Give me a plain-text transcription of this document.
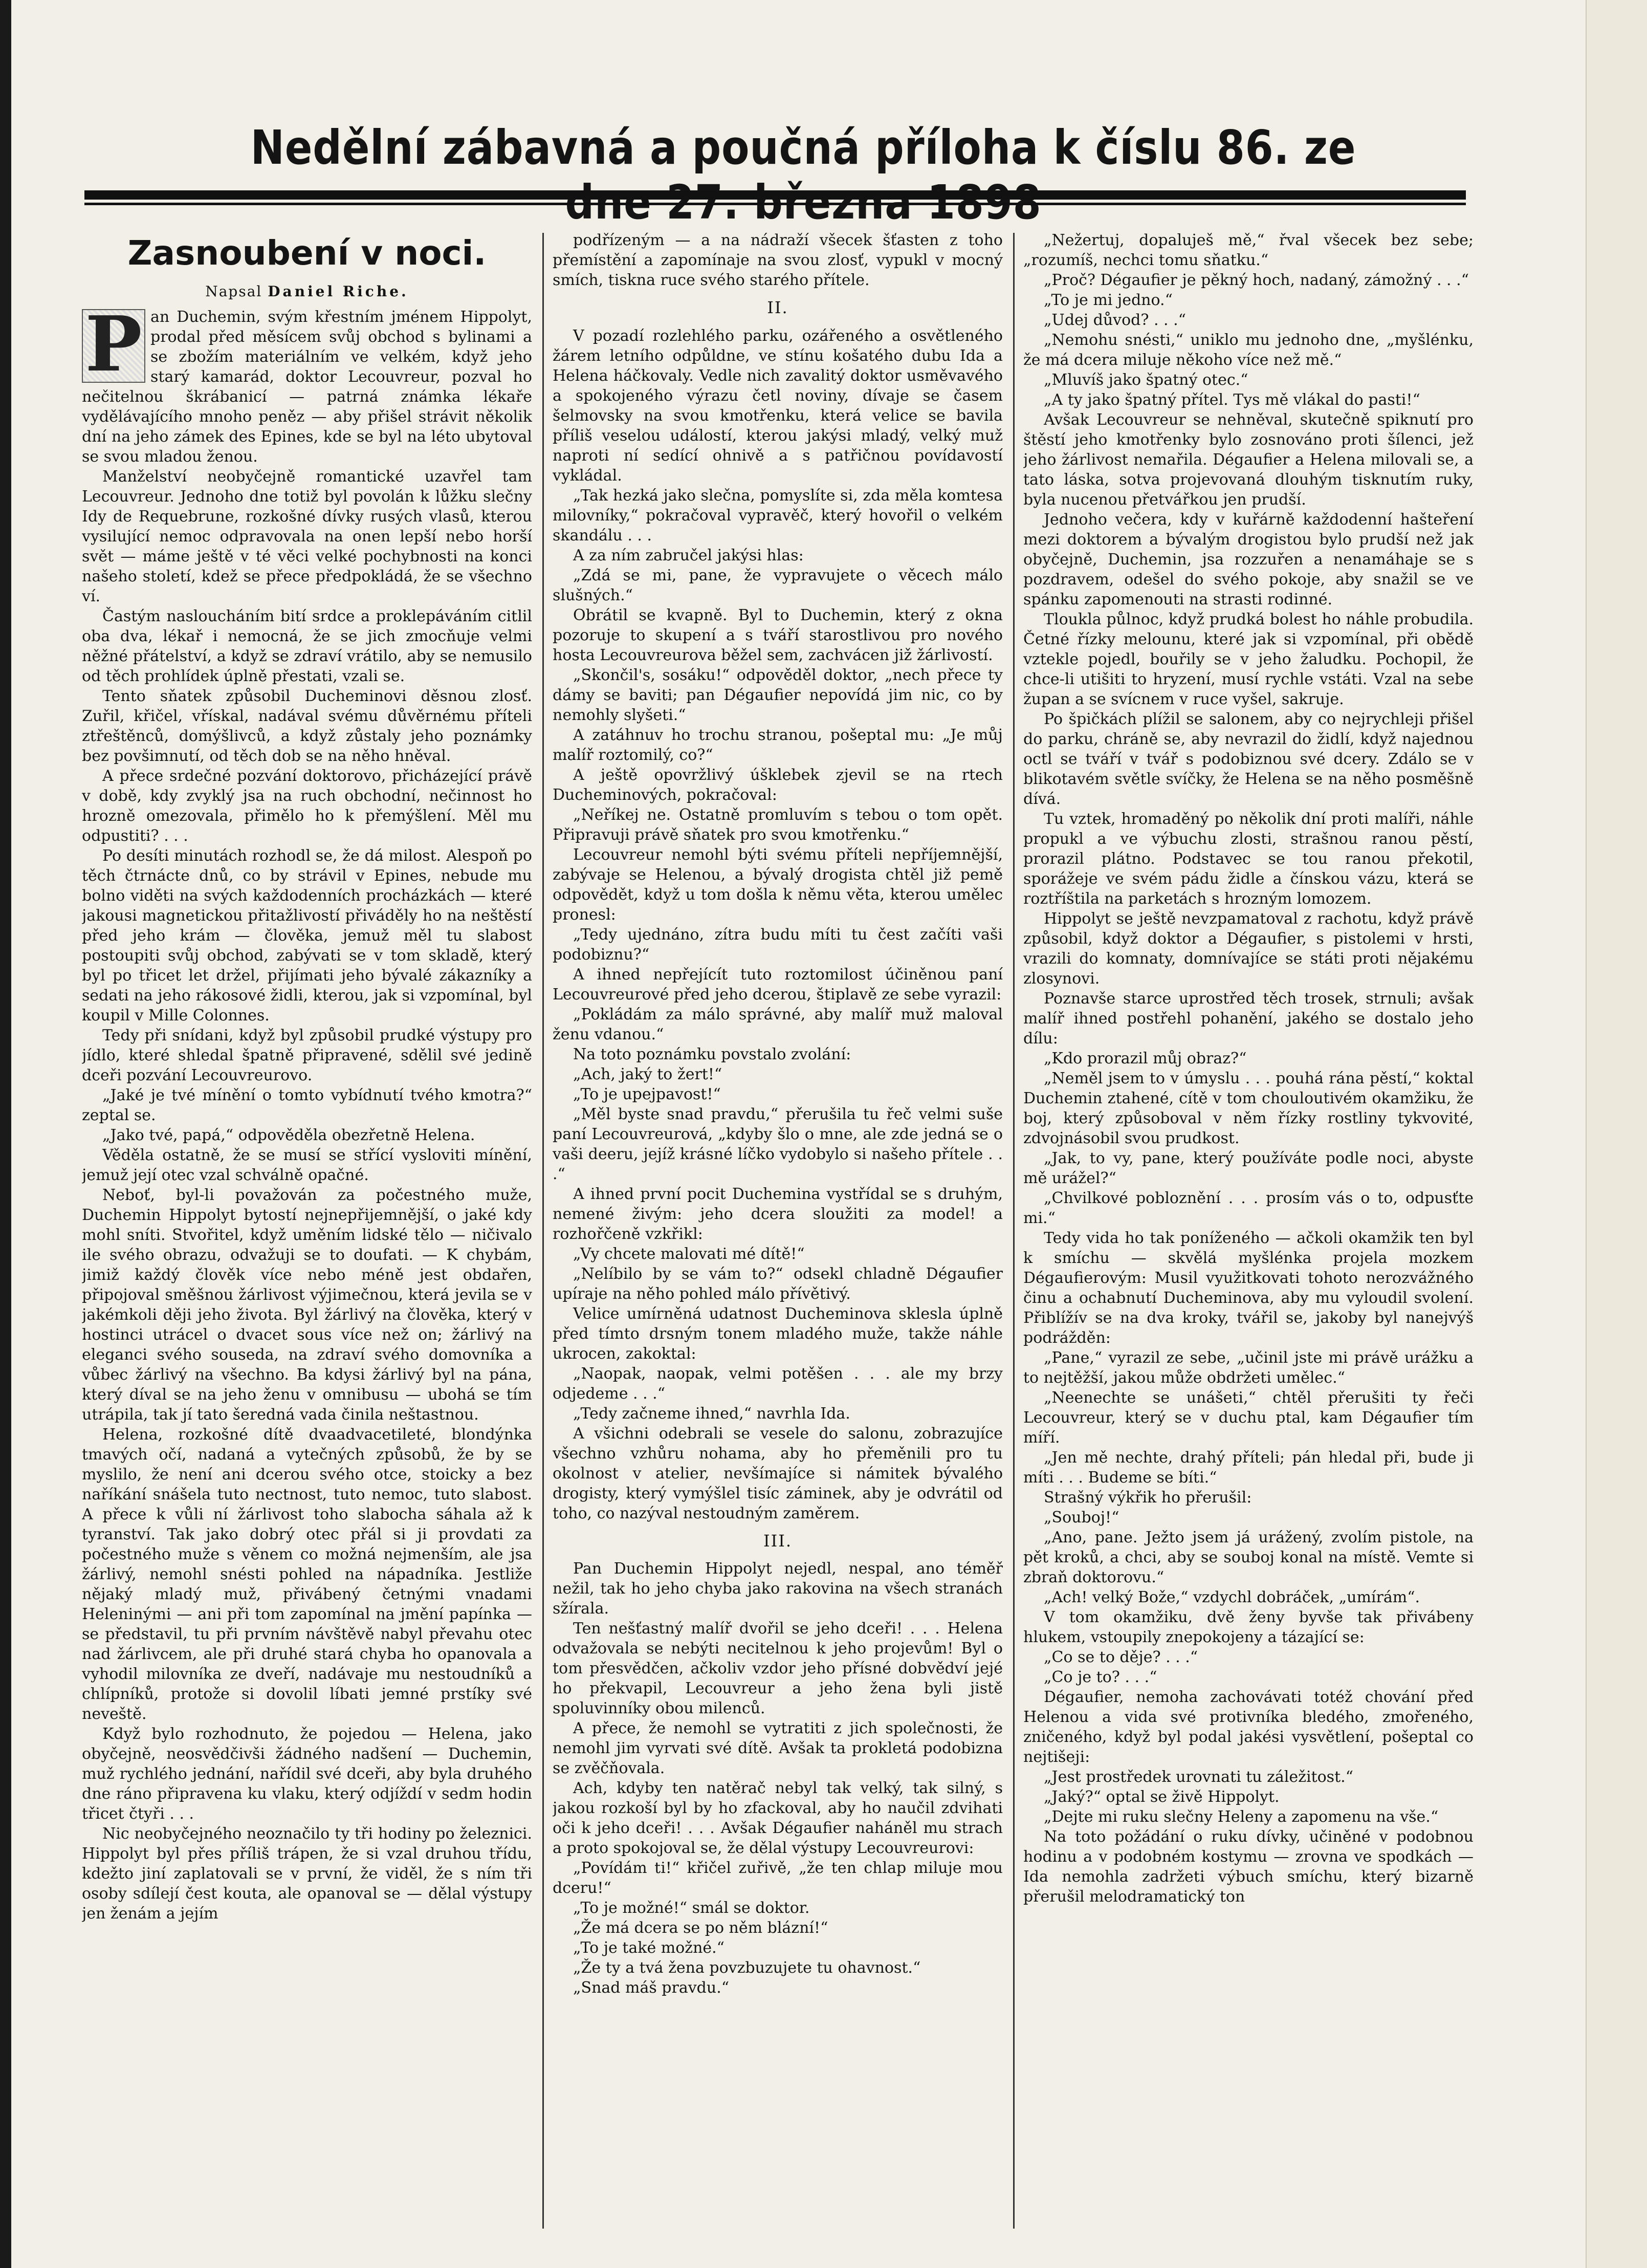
Nedělní zábavná a poučná příloha k číslu 86. ze
Zasnoubení v noci.
Napsal Daniel Riche.
P an Duchemin, svým křestním jménem Hippolyt, prodal před měsícem svůj obchod s bylinami a se zbožím materiálním ve velkém, když jeho starý kamarád, doktor Lecouvreur, pozval ho nečitelnou škrábanicí — patrná známka lékaře vydělávajícího mnoho peněz — aby přišel strávit několik dní na jeho zámek des Epines, kde se byl na léto ubytoval se svou mladou ženou.

Manželství neobyčejně romantické uzavřel tam Lecouvreur. Jednoho dne totiž byl povolán k lůžku slečny Idy de Requebrune, rozkošné dívky rusých vlasů, kterou vysilující nemoc odpravovala na onen lepší nebo horší svět — máme ještě v té věci velké pochybnosti na konci našeho století, kdež se přece předpokládá, že se všechno ví.

Častým nasloucháním bití srdce a proklepáváním citlil oba dva, lékař i nemocná, že se jich zmocňuje velmi něžné přátelství, a když se zdraví vrátilo, aby se nemusilo od těch prohlídek úplně přestati, vzali se.

Tento sňatek způsobil Ducheminovi děsnou zlosť. Zuřil, křičel, vřískal, nadával svému důvěrnému příteli ztřeštěnců, domýšlivců, a když zůstaly jeho poznámky bez povšimnutí, od těch dob se na něho hněval.

A přece srdečné pozvání doktorovo, přicházející právě v době, kdy zvyklý jsa na ruch obchodní, nečinnost ho hrozně omezovala, přimělo ho k přemýšlení. Měl mu odpustiti? . . .

Po desíti minutách rozhodl se, že dá milost. Alespoň po těch čtrnácte dnů, co by strávil v Epines, nebude mu bolno viděti na svých každodenních procházkách — které jakousi magnetickou přitažlivostí přiváděly ho na neštěstí před jeho krám — člověka, jemuž měl tu slabost postoupiti svůj obchod, zabývati se v tom skladě, který byl po třicet let držel, přijímati jeho bývalé zákazníky a sedati na jeho rákosové židli, kterou, jak si vzpomínal, byl koupil v Mille Colonnes.

Tedy při snídani, když byl způsobil prudké výstupy pro jídlo, které shledal špatně připravené, sdělil své jedině dceři pozvání Lecouvreurovo.

„Jaké je tvé mínění o tomto vybídnutí tvého kmotra?“ zeptal se.

„Jako tvé, papá,“ odpověděla obezřetně Helena.

Věděla ostatně, že se musí se střící vysloviti mínění, jemuž její otec vzal schválně opačné.

Neboť, byl-li považován za počestného muže, Duchemin Hippolyt bytostí nejnepřijemnější, o jaké kdy mohl sníti. Stvořitel, když uměním lidské tělo — ničivalo ile svého obrazu, odvažuji se to doufati. — K chybám, jimiž každý člověk více nebo méně jest obdařen, připojoval směšnou žárlivost výjimečnou, která jevila se v jakémkoli ději jeho života. Byl žárlivý na člověka, který v hostinci utrácel o dvacet sous více než on; žárlivý na eleganci svého souseda, na zdraví svého domovníka a vůbec žárlivý na všechno. Ba kdysi žárlivý byl na pána, který díval se na jeho ženu v omnibusu — ubohá se tím utrápila, tak jí tato šeredná vada činila neštastnou.

Helena, rozkošné dítě dvaadvacetileté, blondýnka tmavých očí, nadaná a vytečných způsobů, že by se myslilo, že není ani dcerou svého otce, stoicky a bez naříkání snášela tuto nectnost, tuto nemoc, tuto slabost. A přece k vůli ní žárlivost toho slabocha sáhala až k tyranství. Tak jako dobrý otec přál si ji provdati za počestného muže s věnem co možná nejmenším, ale jsa žárlivý, nemohl snésti pohled na nápadníka. Jestliže nějaký mladý muž, přivábený četnými vnadami Heleninými — ani při tom zapomínal na jmění papínka — se představil, tu při prvním návštěvě nabyl převahu otec nad žárlivcem, ale při druhé stará chyba ho opanovala a vyhodil milovníka ze dveří, nadávaje mu nestoudníků a chlípníků, protože si dovolil líbati jemné prstíky své neveště.

Když bylo rozhodnuto, že pojedou — Helena, jako obyčejně, neosvědčivši žádného nadšení — Duchemin, muž rychlého jednání, nařídil své dceři, aby byla druhého dne ráno připravena ku vlaku, který odjíždí v sedm hodin třicet čtyři . . .

Nic neobyčejného neoznačilo ty tři hodiny po železnici. Hippolyt byl přes příliš trápen, že si vzal druhou třídu, kdežto jiní zaplatovali se v první, že viděl, že s ním tři osoby sdílejí čest kouta, ale opanoval se — dělal výstupy jen ženám a jejím

podřízeným — a na nádraží všecek šťasten z toho přemístění a zapomínaje na svou zlosť, vypukl v mocný smích, tiskna ruce svého starého přítele.

II.

V pozadí rozlehlého parku, ozářeného a osvětleného žárem letního odpůldne, ve stínu košatého dubu Ida a Helena háčkovaly. Vedle nich zavalitý doktor usměvavého a spokojeného výrazu četl noviny, dívaje se časem šelmovsky na svou kmotřenku, která velice se bavila příliš veselou událostí, kterou jakýsi mladý, velký muž naproti ní sedící ohnivě a s patřičnou povídavostí vykládal.

„Tak hezká jako slečna, pomyslíte si, zda měla komtesa milovníky,“ pokračoval vypravěč, který hovořil o velkém skandálu . . .

A za ním zabručel jakýsi hlas:

„Zdá se mi, pane, že vypravujete o věcech málo slušných.“

Obrátil se kvapně. Byl to Duchemin, který z okna pozoruje to skupení a s tváří starostlivou pro nového hosta Lecouvreurova běžel sem, zachvácen již žárlivostí.

„Skončil's, sosáku!“ odpověděl doktor, „nech přece ty dámy se baviti; pan Dégaufier nepovídá jim nic, co by nemohly slyšeti.“

A zatáhnuv ho trochu stranou, pošeptal mu: „Je můj malíř roztomilý, co?“

A ještě opovržlivý úšklebek zjevil se na rtech Ducheminových, pokračoval:

„Neříkej ne. Ostatně promluvím s tebou o tom opět. Připravuji právě sňatek pro svou kmotřenku.“

Lecouvreur nemohl býti svému příteli nepříjemnější, zabývaje se Helenou, a bývalý drogista chtěl již pemě odpovědět, když u tom došla k němu věta, kterou umělec pronesl:

„Tedy ujednáno, zítra budu míti tu čest začíti vaši podobiznu?“

A ihned nepřejícít tuto roztomilost účiněnou paní Lecouvreurové před jeho dcerou, štiplavě ze sebe vyrazil:

„Pokládám za málo správné, aby malíř muž maloval ženu vdanou.“

Na toto poznámku povstalo zvolání:

„Ach, jaký to žert!“

„To je upejpavost!“

„Měl byste snad pravdu,“ přerušila tu řeč velmi suše paní Lecouvreurová, „kdyby šlo o mne, ale zde jedná se o vaši deeru, jejíž krásné líčko vydobylo si našeho přítele . . .“

A ihned první pocit Duchemina vystřídal se s druhým, nemené živým: jeho dcera sloužiti za model! a rozhořčeně vzkřikl:

„Vy chcete malovati mé dítě!“

„Nelíbilo by se vám to?“ odsekl chladně Dégaufier upíraje na něho pohled málo přívětivý.

Velice umírněná udatnost Ducheminova sklesla úplně před tímto drsným tonem mladého muže, takže náhle ukrocen, zakoktal:

„Naopak, naopak, velmi potěšen . . . ale my brzy odjedeme . . .“

„Tedy začneme ihned,“ navrhla Ida.

A všichni odebrali se vesele do salonu, zobrazujíce všechno vzhůru nohama, aby ho přeměnili pro tu okolnost v atelier, nevšímajíce si námitek bývalého drogisty, který vymýšlel tisíc záminek, aby je odvrátil od toho, co nazýval nestoudným zaměrem.

III.

Pan Duchemin Hippolyt nejedl, nespal, ano téměř nežil, tak ho jeho chyba jako rakovina na všech stranách sžírala.

Ten nešťastný malíř dvořil se jeho dceři! . . . Helena odvažovala se nebýti necitelnou k jeho projevům! Byl o tom přesvědčen, ačkoliv vzdor jeho přísné dobvědví jejé ho překvapil, Lecouvreur a jeho žena byli jistě spoluvinníky obou milenců.

A přece, že nemohl se vytratiti z jich společnosti, že nemohl jim vyrvati své dítě. Avšak ta prokletá podobizna se zvěčňovala.

Ach, kdyby ten natěrač nebyl tak velký, tak silný, s jakou rozkoší byl by ho zfackoval, aby ho naučil zdvihati oči k jeho dceři! . . . Avšak Dégaufier naháněl mu strach a proto spokojoval se, že dělal výstupy Lecouvreurovi:

„Povídám ti!“ křičel zuřivě, „že ten chlap miluje mou dceru!“

„To je možné!“ smál se doktor.

„Že má dcera se po něm blázní!“

„To je také možné.“

„Že ty a tvá žena povzbuzujete tu ohavnost.“

„Snad máš pravdu.“

„Nežertuj, dopaluješ mě,“ řval všecek bez sebe; „rozumíš, nechci tomu sňatku.“

„Proč? Dégaufier je pěkný hoch, nadaný, zámožný . . .“

„To je mi jedno.“

„Udej důvod? . . .“

„Nemohu snésti,“ uniklo mu jednoho dne, „myšlénku, že má dcera miluje někoho více než mě.“

„Mluvíš jako špatný otec.“

„A ty jako špatný přítel. Tys mě vlákal do pasti!“

Avšak Lecouvreur se nehněval, skutečně spiknutí pro štěstí jeho kmotřenky bylo zosnováno proti šílenci, jež jeho žárlivost nemařila. Dégaufier a Helena milovali se, a tato láska, sotva projevovaná dlouhým tisknutím ruky, byla nucenou přetvářkou jen prudší.

Jednoho večera, kdy v kuřárně každodenní hašteření mezi doktorem a bývalým drogistou bylo prudší než jak obyčejně, Duchemin, jsa rozzuřen a nenamáhaje se s pozdravem, odešel do svého pokoje, aby snažil se ve spánku zapomenouti na strasti rodinné.

Tloukla půlnoc, když prudká bolest ho náhle probudila. Četné řízky melounu, které jak si vzpomínal, při obědě vztekle pojedl, bouřily se v jeho žaludku. Pochopil, že chce-li utišiti to hryzení, musí rychle vstáti. Vzal na sebe župan a se svícnem v ruce vyšel, sakruje.

Po špičkách plížil se salonem, aby co nejrychleji přišel do parku, chráně se, aby nevrazil do židlí, když najednou octl se tváří v tvář s podobiznou své dcery. Zdálo se v blikotavém světle svíčky, že Helena se na něho posměšně dívá.

Tu vztek, hromaděný po několik dní proti malíři, náhle propukl a ve výbuchu zlosti, strašnou ranou pěstí, prorazil plátno. Podstavec se tou ranou překotil, sporážeje ve svém pádu židle a čínskou vázu, která se roztříštila na parketách s hrozným lomozem.

Hippolyt se ještě nevzpamatoval z rachotu, když právě způsobil, když doktor a Dégaufier, s pistolemi v hrsti, vrazili do komnaty, domnívajíce se státi proti nějakému zlosynovi.

Poznavše starce uprostřed těch trosek, strnuli; avšak malíř ihned postřehl pohanění, jakého se dostalo jeho dílu:

„Kdo prorazil můj obraz?“

„Neměl jsem to v úmyslu . . . pouhá rána pěstí,“ koktal Duchemin ztahené, cítě v tom chouloutivém okamžiku, že boj, který způsoboval v něm řízky rostliny tykvovité, zdvojnásobil svou prudkost.

„Jak, to vy, pane, který používáte podle noci, abyste mě urážel?“

„Chvilkové pobloznění . . . prosím vás o to, odpusťte mi.“

Tedy vida ho tak poníženého — ačkoli okamžik ten byl k smíchu — skvělá myšlénka projela mozkem Dégaufierovým: Musil využitkovati tohoto nerozvážného činu a ochabnutí Ducheminova, aby mu vyloudil svolení. Přiblížív se na dva kroky, tvářil se, jakoby byl nanejvýš podrážděn:

„Pane,“ vyrazil ze sebe, „učinil jste mi právě urážku a to nejtěžší, jakou může obdržeti umělec.“

„Neenechte se unášeti,“ chtěl přerušiti ty řeči Lecouvreur, který se v duchu ptal, kam Dégaufier tím míří.

„Jen mě nechte, drahý příteli; pán hledal při, bude ji míti . . . Budeme se bíti.“

Strašný výkřik ho přerušil:

„Souboj!“

„Ano, pane. Ježto jsem já urážený, zvolím pistole, na pět kroků, a chci, aby se souboj konal na místě. Vemte si zbraň doktorovu.“

„Ach! velký Bože,“ vzdychl dobráček, „umírám“.

V tom okamžiku, dvě ženy byvše tak přivábeny hlukem, vstoupily znepokojeny a tázající se:

„Co se to děje? . . .“

„Co je to? . . .“

Dégaufier, nemoha zachovávati totéž chování před Helenou a vida své protivníka bledého, zmořeného, zničeného, když byl podal jakési vysvětlení, pošeptal co nejtišeji:

„Jest prostředek urovnati tu záležitost.“

„Jaký?“ optal se živě Hippolyt.

„Dejte mi ruku slečny Heleny a zapomenu na vše.“

Na toto požádání o ruku dívky, učiněné v podobnou hodinu a v podobném kostymu — zrovna ve spodkách — Ida nemohla zadržeti výbuch smíchu, který bizarně přerušil melodramatický ton
